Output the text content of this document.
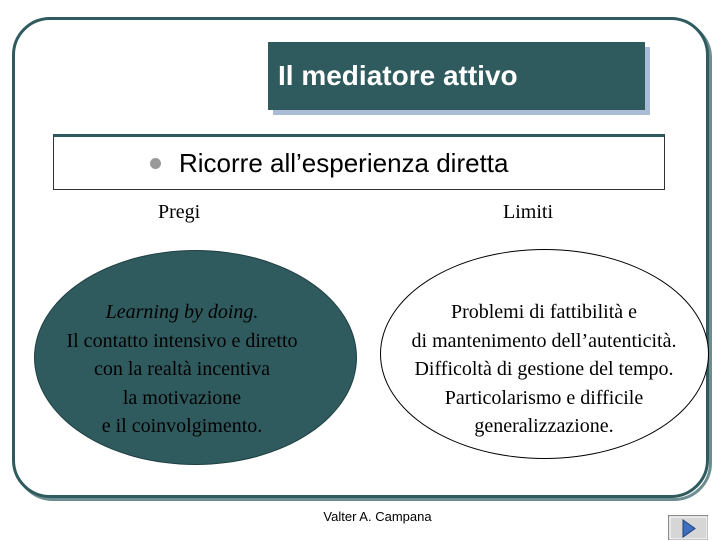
Il mediatore attivo
Ricorre all’esperienza diretta
Pregi	Limiti
Learning by doing.
Il contatto intensivo e diretto
con la realtà incentiva
la motivazione
e il coinvolgimento.
Problemi di fattibilità e
di mantenimento dell’autenticità.
Difficoltà di gestione del tempo.
Particolarismo e difficile
generalizzazione.
Valter A. Campana
